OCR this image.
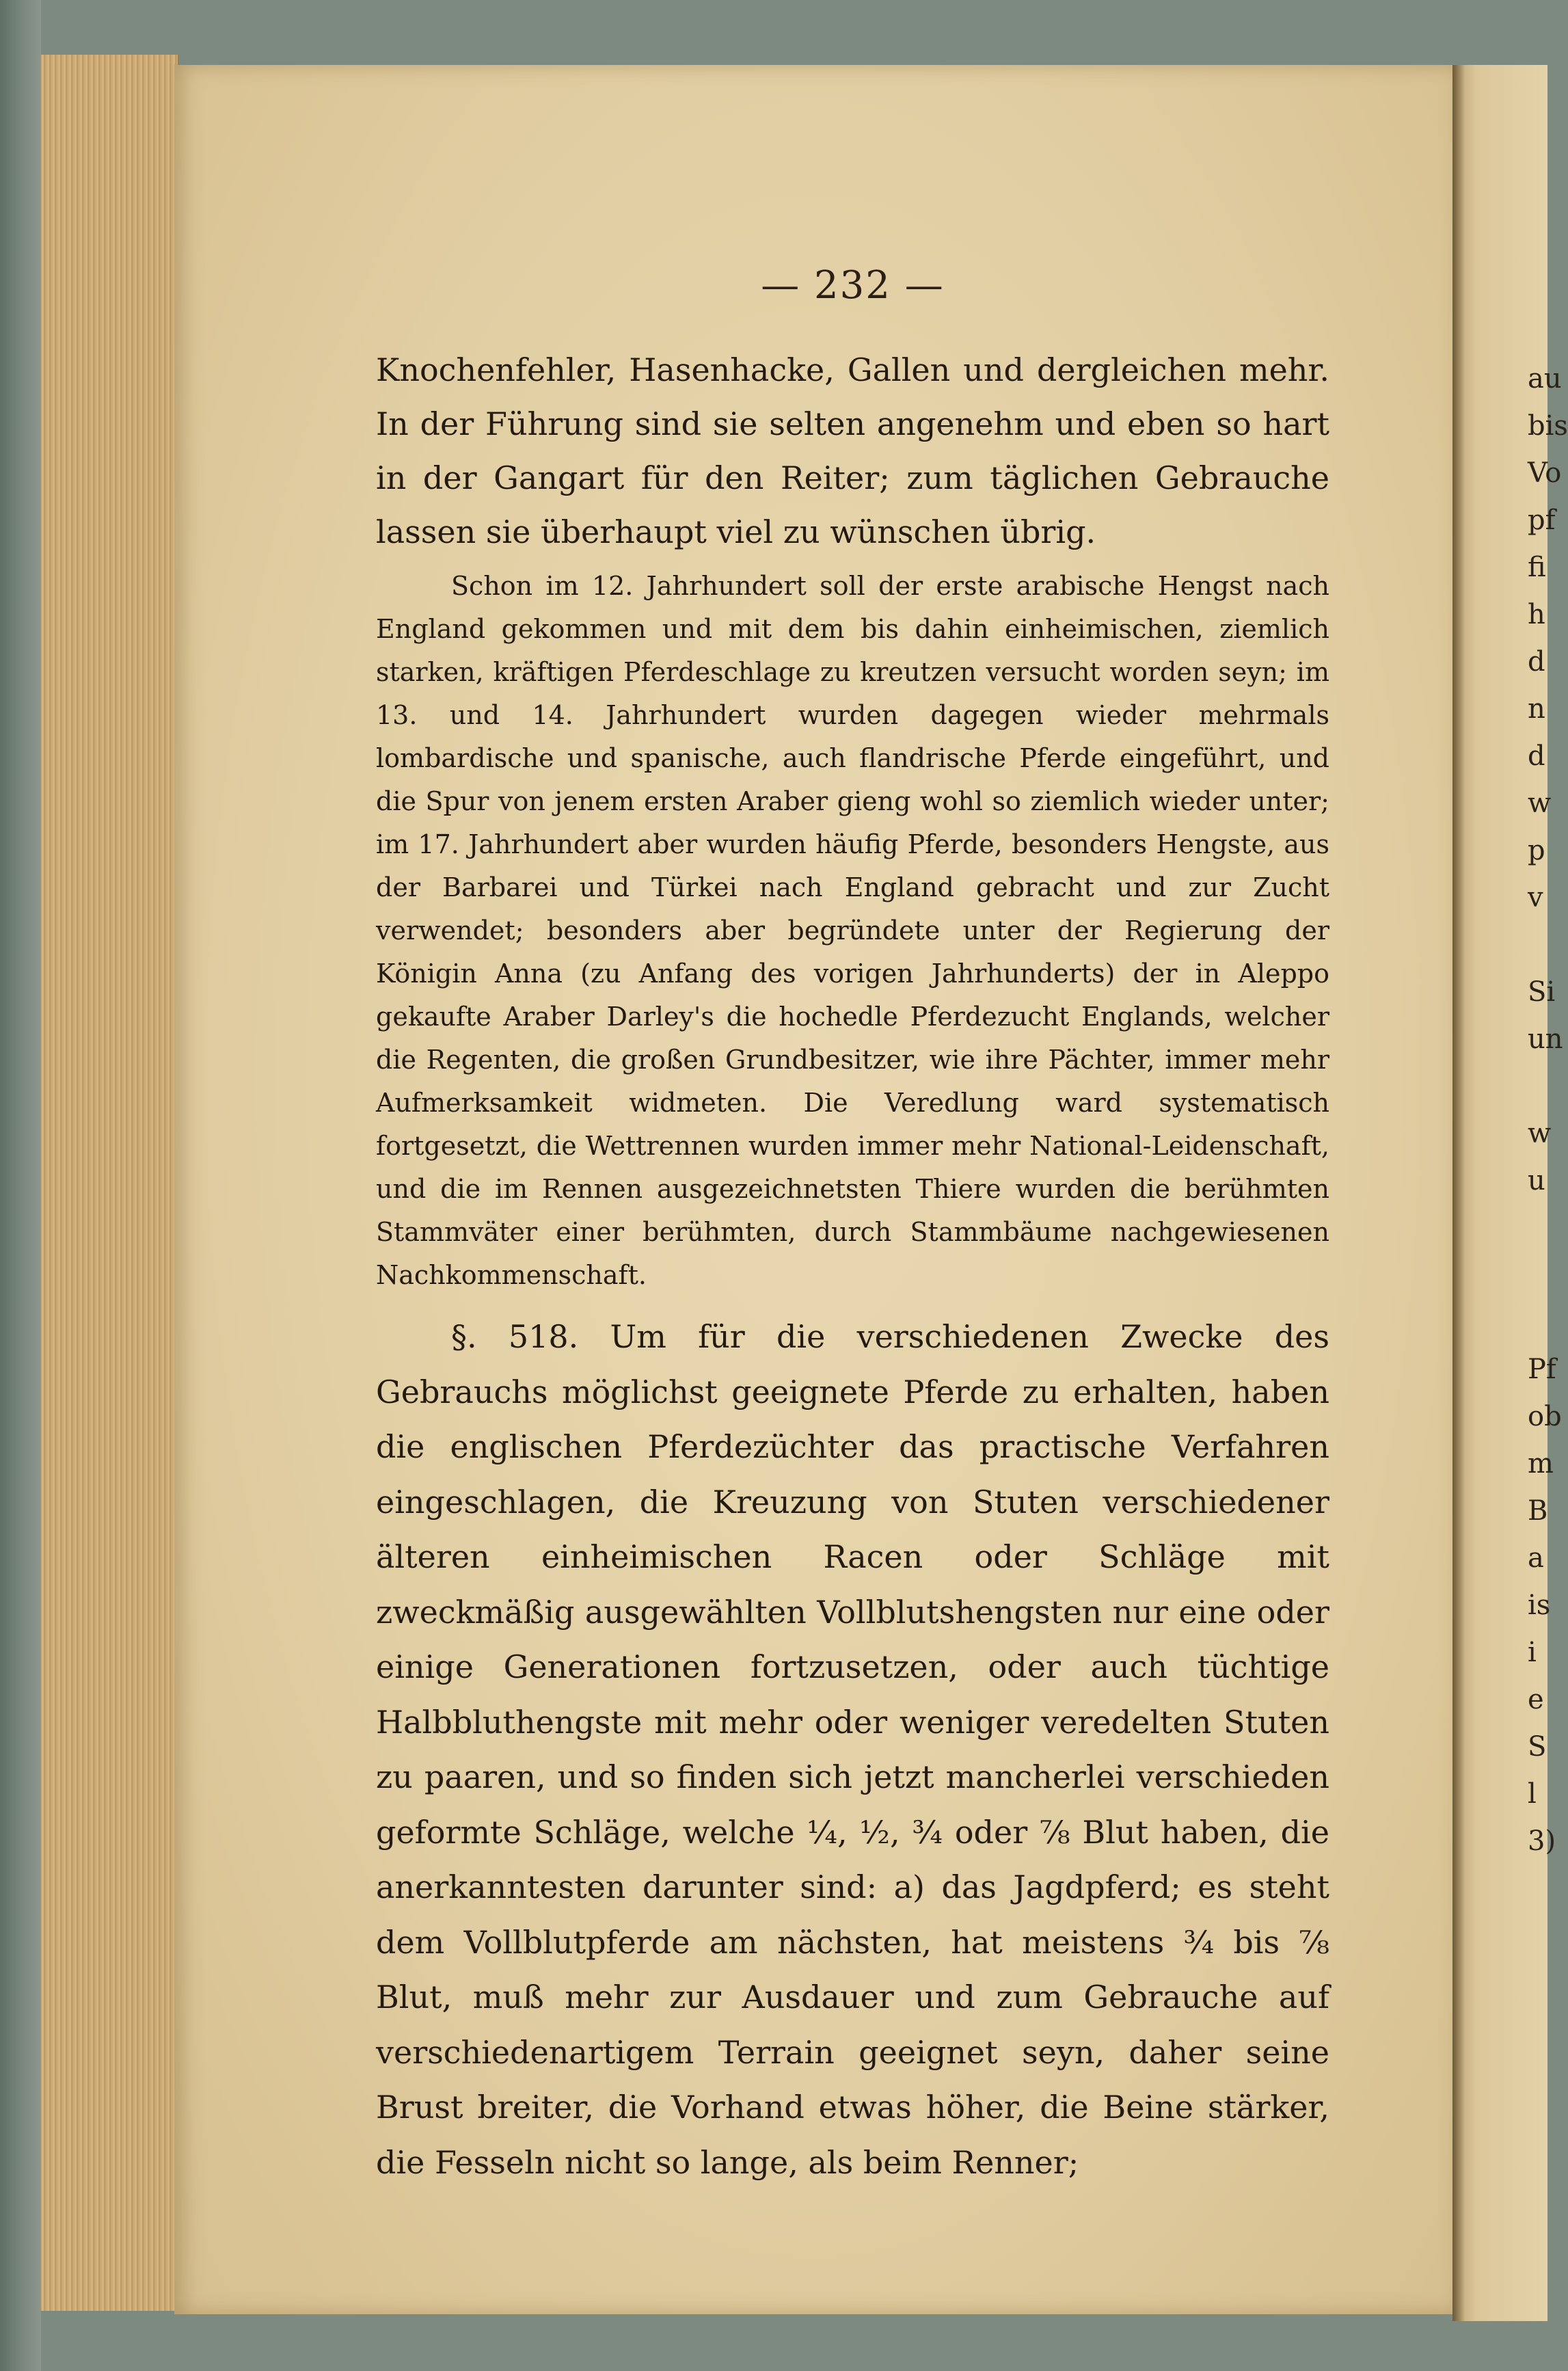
au
bis
Vo
pf
fi
h
d
n
d
w
p
v
Si
un
w
u
Pf
ob
m
B
a
is
i
e
S
l
3)
— 232 —

Knochenfehler, Hasenhacke, Gallen und dergleichen mehr. In der Führung sind sie selten angenehm und eben so hart in der Gangart für den Reiter; zum täglichen Gebrauche lassen sie überhaupt viel zu wünschen übrig.

Schon im 12. Jahrhundert soll der erste arabische Hengst nach England gekommen und mit dem bis dahin einheimischen, ziemlich starken, kräftigen Pferdeschlage zu kreutzen versucht worden seyn; im 13. und 14. Jahrhundert wurden dagegen wieder mehrmals lombardische und spanische, auch flandrische Pferde eingeführt, und die Spur von jenem ersten Araber gieng wohl so ziemlich wieder unter; im 17. Jahrhundert aber wurden häufig Pferde, besonders Hengste, aus der Barbarei und Türkei nach England gebracht und zur Zucht verwendet; besonders aber begründete unter der Regierung der Königin Anna (zu Anfang des vorigen Jahrhunderts) der in Aleppo gekaufte Araber Darley's die hochedle Pferdezucht Englands, welcher die Regenten, die großen Grundbesitzer, wie ihre Pächter, immer mehr Aufmerksamkeit widmeten. Die Veredlung ward systematisch fortgesetzt, die Wettrennen wurden immer mehr National-Leidenschaft, und die im Rennen ausgezeichnetsten Thiere wurden die berühmten Stammväter einer berühmten, durch Stammbäume nachgewiesenen Nachkommenschaft.

§. 518. Um für die verschiedenen Zwecke des Gebrauchs möglichst geeignete Pferde zu erhalten, haben die englischen Pferdezüchter das practische Verfahren eingeschlagen, die Kreuzung von Stuten verschiedener älteren einheimischen Racen oder Schläge mit zweckmäßig ausgewählten Vollblutshengsten nur eine oder einige Generationen fortzusetzen, oder auch tüchtige Halbbluthengste mit mehr oder weniger veredelten Stuten zu paaren, und so finden sich jetzt mancherlei verschieden geformte Schläge, welche ¼, ½, ¾ oder ⅞ Blut haben, die anerkanntesten darunter sind: a) das Jagdpferd; es steht dem Vollblutpferde am nächsten, hat meistens ¾ bis ⅞ Blut, muß mehr zur Ausdauer und zum Gebrauche auf verschiedenartigem Terrain geeignet seyn, daher seine Brust breiter, die Vorhand etwas höher, die Beine stärker, die Fesseln nicht so lange, als beim Renner;
